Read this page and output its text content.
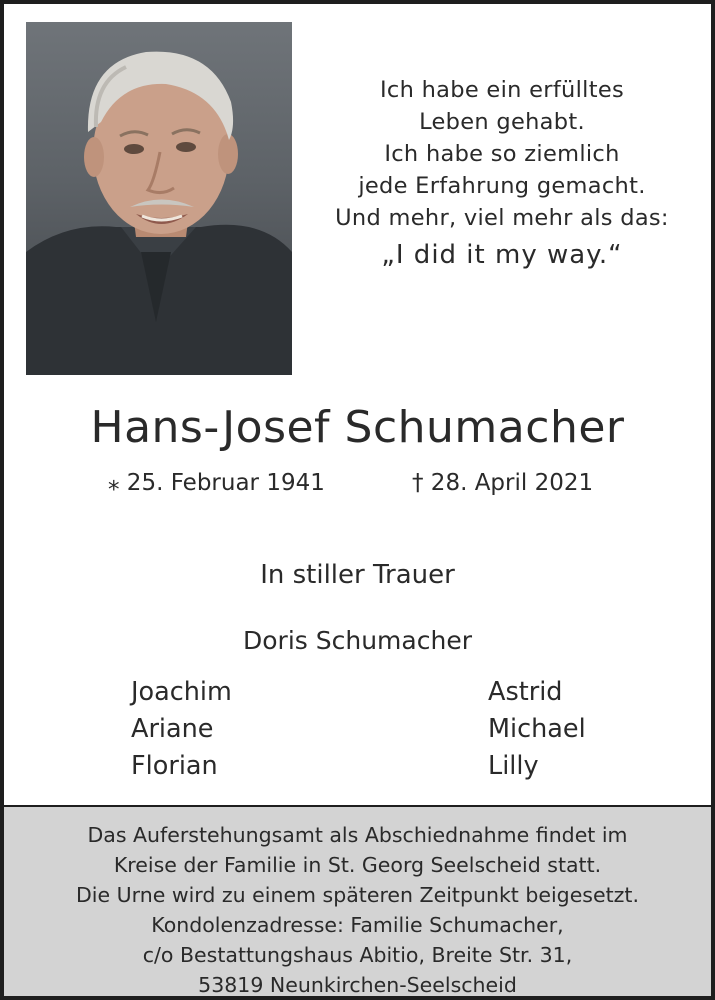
Ich habe ein erfülltes
Leben gehabt.
Ich habe so ziemlich
jede Erfahrung gemacht.
Und mehr, viel mehr als das:
„I did it my way.“
Hans-Josef Schumacher
⁎ 25. Februar 1941	† 28. April 2021
In stiller Trauer
Doris Schumacher
Joachim
Ariane
Florian
Astrid
Michael
Lilly
Das Auferstehungsamt als Abschiednahme findet im
Kreise der Familie in St. Georg Seelscheid statt.
Die Urne wird zu einem späteren Zeitpunkt beigesetzt.
Kondolenzadresse: Familie Schumacher,
c/o Bestattungshaus Abitio, Breite Str. 31,
53819 Neunkirchen-Seelscheid
